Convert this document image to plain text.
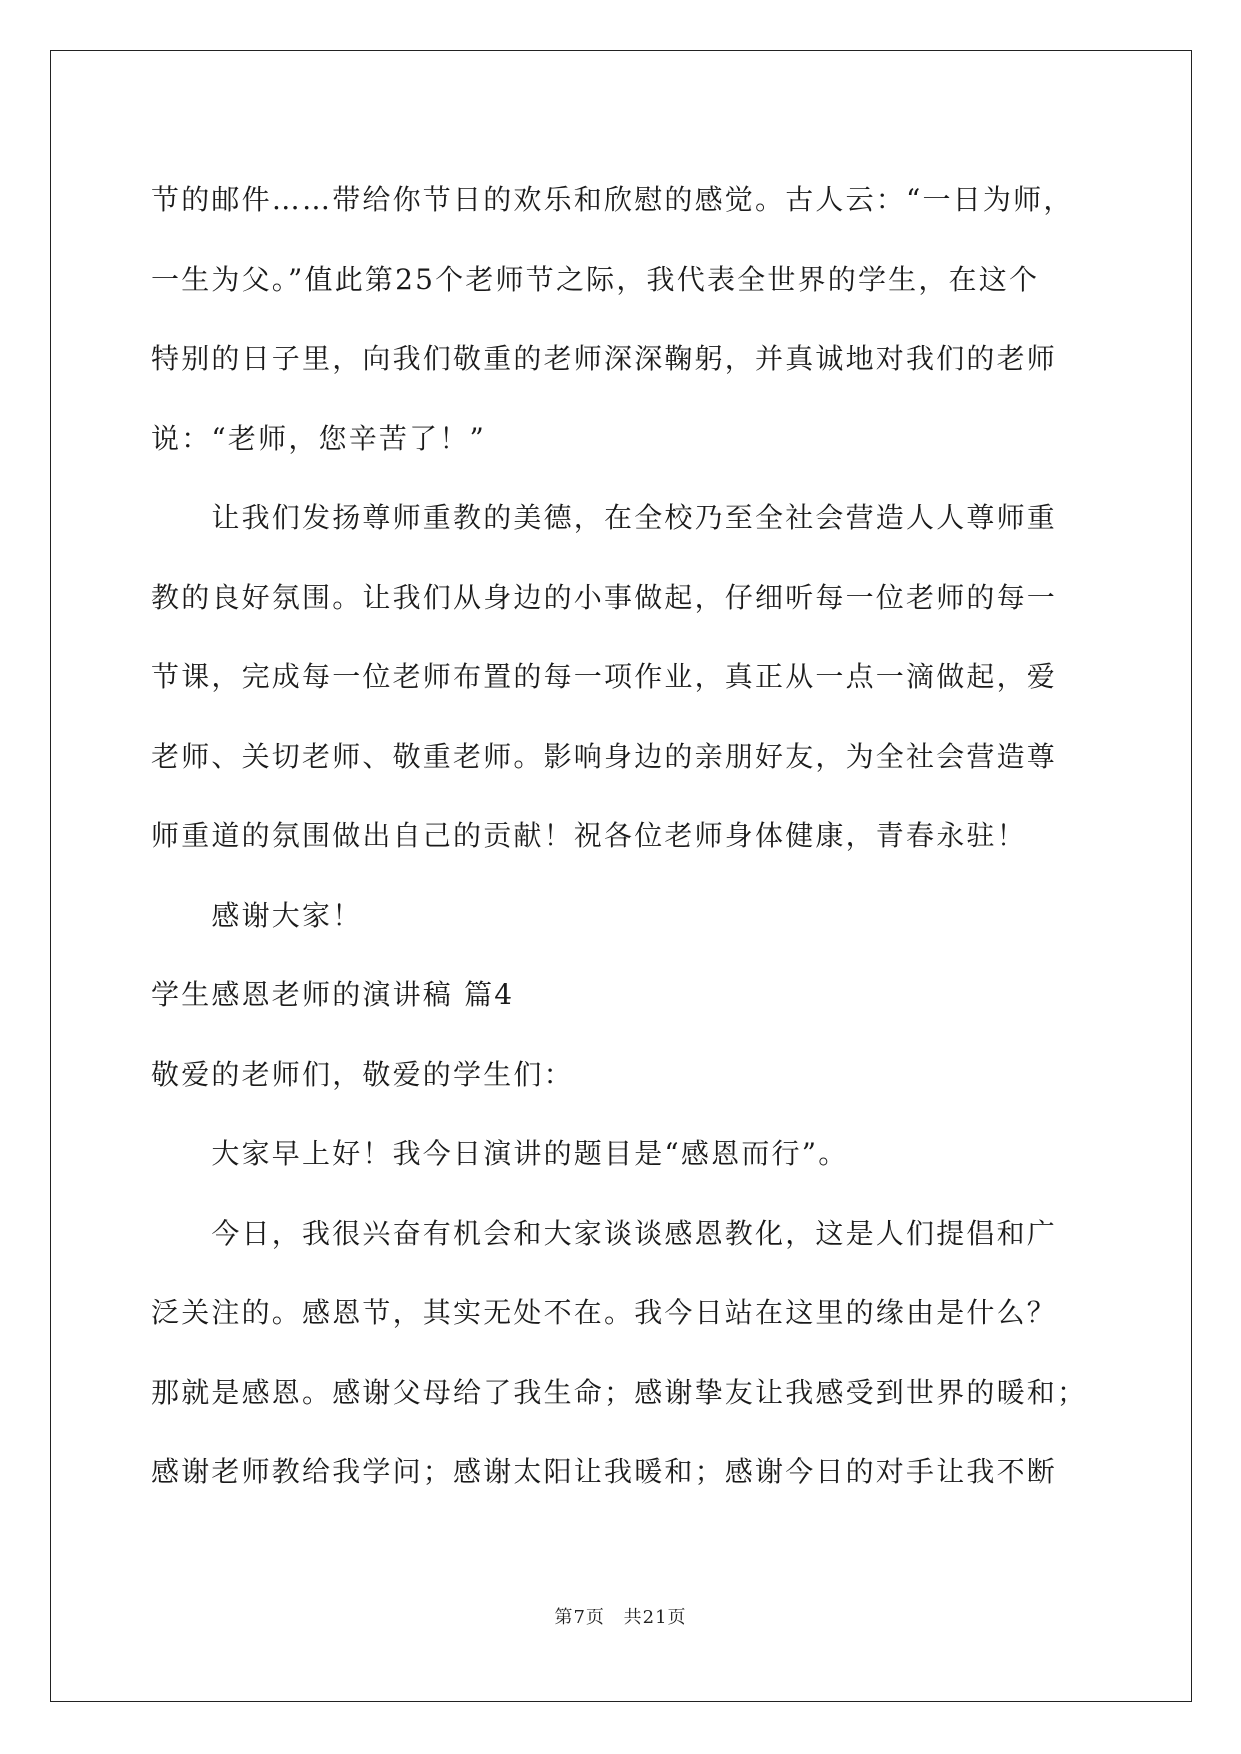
节的邮件……带给你节日的欢乐和欣慰的感觉。古人云：“一日为师，
一生为父。”值此第25个老师节之际，我代表全世界的学生，在这个
特别的日子里，向我们敬重的老师深深鞠躬，并真诚地对我们的老师
说：“老师，您辛苦了！”
　　让我们发扬尊师重教的美德，在全校乃至全社会营造人人尊师重
教的良好氛围。让我们从身边的小事做起，仔细听每一位老师的每一
节课，完成每一位老师布置的每一项作业，真正从一点一滴做起，爱
老师、关切老师、敬重老师。影响身边的亲朋好友，为全社会营造尊
师重道的氛围做出自己的贡献！祝各位老师身体健康，青春永驻！
　　感谢大家！
学生感恩老师的演讲稿 篇4
敬爱的老师们，敬爱的学生们：
　　大家早上好！我今日演讲的题目是“感恩而行”。
　　今日，我很兴奋有机会和大家谈谈感恩教化，这是人们提倡和广
泛关注的。感恩节，其实无处不在。我今日站在这里的缘由是什么？
那就是感恩。感谢父母给了我生命；感谢挚友让我感受到世界的暖和；
感谢老师教给我学问；感谢太阳让我暖和；感谢今日的对手让我不断
第7页 共21页
